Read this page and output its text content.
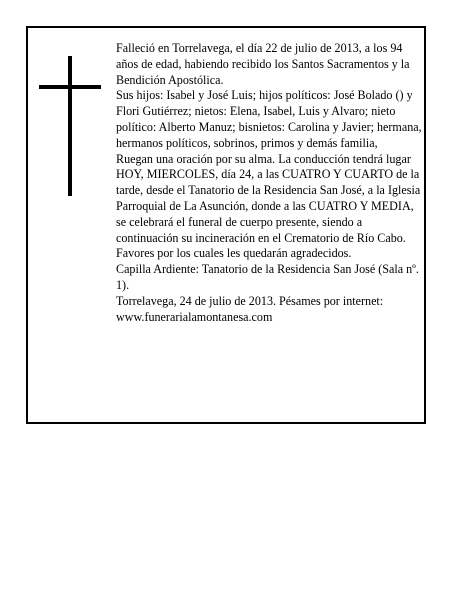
Falleció en Torrelavega, el día 22 de julio de 2013, a los 94 años de edad, habiendo recibido los Santos Sacramentos y la Bendición Apostólica.

Sus hijos: Isabel y José Luis; hijos políticos: José Bolado () y Flori Gutiérrez; nietos: Elena, Isabel, Luis y Alvaro; nieto político: Alberto Manuz; bisnietos: Carolina y Javier; hermana, hermanos políticos, sobrinos, primos y demás familia,

Ruegan una oración por su alma. La conducción tendrá lugar HOY, MIERCOLES, día 24, a las CUATRO Y CUARTO de la tarde, desde el Tanatorio de la Residencia San José, a la Iglesia Parroquial de La Asunción, donde a las CUATRO Y MEDIA, se celebrará el funeral de cuerpo presente, siendo a continuación su incineración en el Crematorio de Río Cabo. Favores por los cuales les quedarán agradecidos.

Capilla Ardiente: Tanatorio de la Residencia San José (Sala nº. 1).

Torrelavega, 24 de julio de 2013. Pésames por internet: www.funerarialamontanesa.com
